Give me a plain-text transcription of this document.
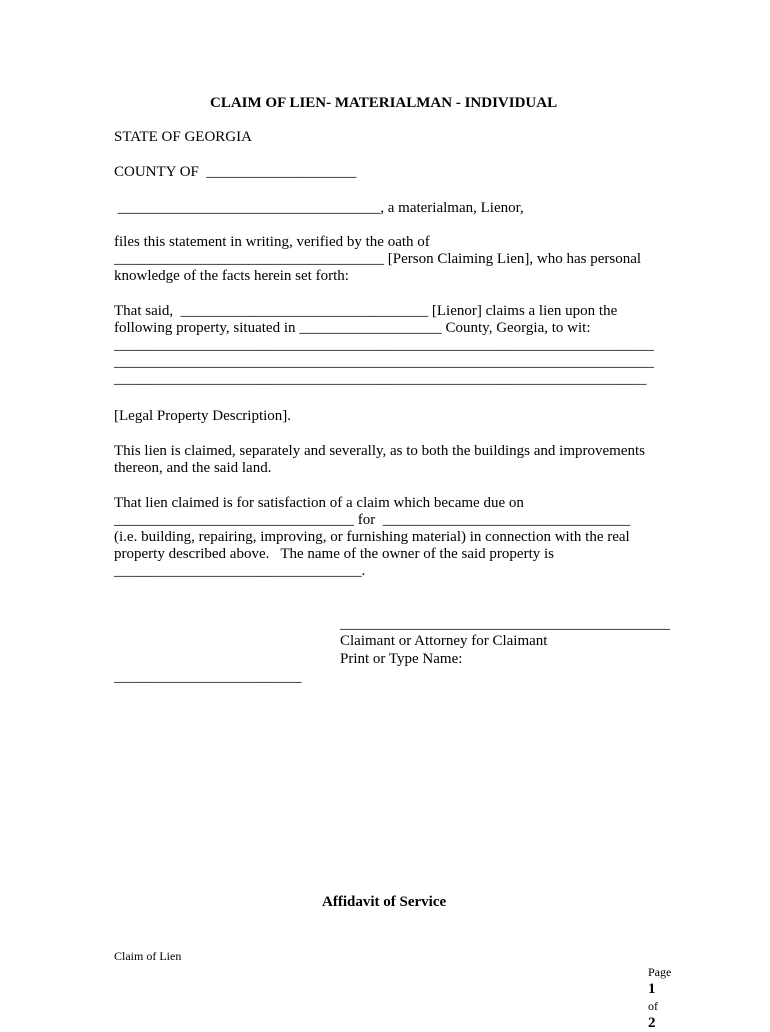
CLAIM OF LIEN- MATERIALMAN - INDIVIDUAL
STATE OF GEORGIA
COUNTY OF  ____________________
___________________________________, a materialman, Lienor,
files this statement in writing, verified by the oath of
____________________________________ [Person Claiming Lien], who has personal
knowledge of the facts herein set forth:
That said,  _________________________________ [Lienor] claims a lien upon the
following property, situated in ___________________ County, Georgia, to wit:
________________________________________________________________________
________________________________________________________________________
_______________________________________________________________________
[Legal Property Description].
This lien is claimed, separately and severally, as to both the buildings and improvements
thereon, and the said land.
That lien claimed is for satisfaction of a claim which became due on
________________________________ for  _________________________________
(i.e. building, repairing, improving, or furnishing material) in connection with the real
property described above.   The name of the owner of the said property is
_________________________________.
____________________________________________
Claimant or Attorney for Claimant
Print or Type Name:
_________________________
Affidavit of Service
Claim of Lien

Page
1
of
2
